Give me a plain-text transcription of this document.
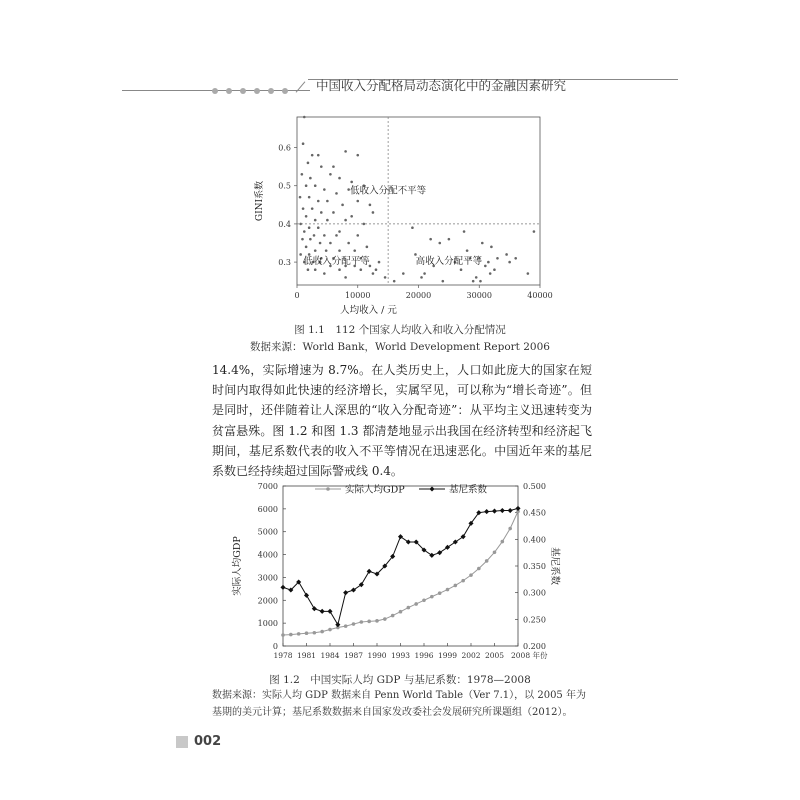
中国收入分配格局动态演化中的金融因素研究
0	10000	20000	30000	40000
0.3
0.4
0.5
0.6
低收入分配不平等
低收入分配平等	高收入分配平等
人均收入 / 元
GINI系数
图 1.1　112 个国家人均收入和收入分配情况
数据来源：World Bank，World Development Report 2006

14.4%，实际增速为 8.7%。在人类历史上，人口如此庞大的国家在短时间内取得如此快速的经济增长，实属罕见，可以称为“增长奇迹”。但是同时，还伴随着让人深思的“收入分配奇迹”：从平均主义迅速转变为贫富悬殊。图 1.2 和图 1.3 都清楚地显示出我国在经济转型和经济起飞期间，基尼系数代表的收入不平等情况在迅速恶化。中国近年来的基尼系数已经持续超过国际警戒线 0.4。

0
1000
2000
3000
4000
5000
6000
7000
0.200
0.250
0.300
0.350
0.400
0.450
0.500
1978 1981 1984 1987 1990 1993 1996 1999 2002 2005 2008 年份
实际人均GDP	基尼系数
实际人均GDP	基尼系数
图 1.2　中国实际人均 GDP 与基尼系数：1978—2008
数据来源：实际人均 GDP 数据来自 Penn World Table（Ver 7.1），以 2005 年为基期的美元计算；基尼系数数据来自国家发改委社会发展研究所课题组（2012）。
002
